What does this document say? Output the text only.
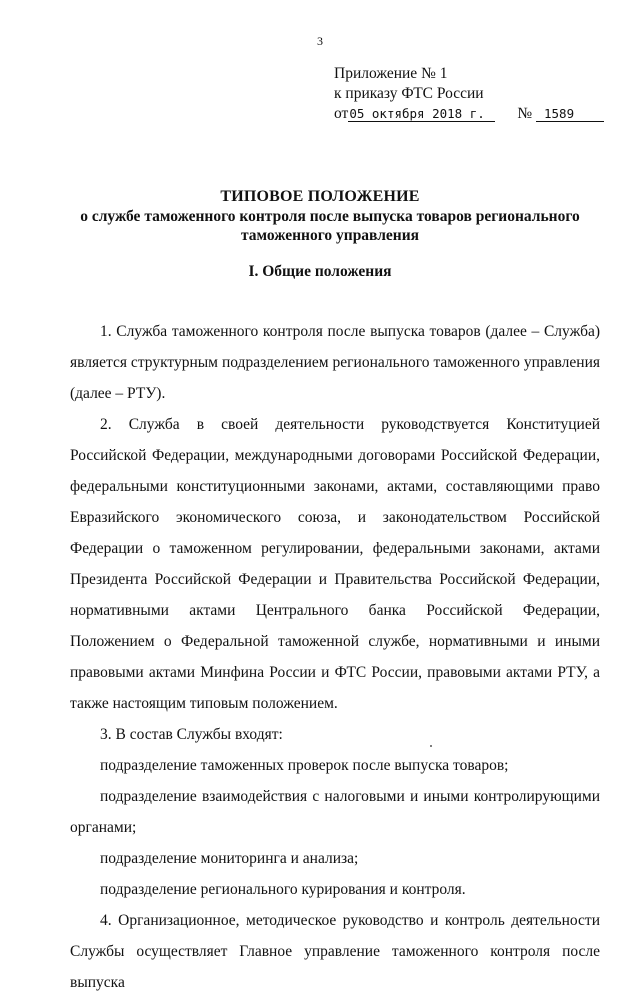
3
Приложение № 1
к приказу ФТС России
от05 октября 2018 г. № 1589
ТИПОВОЕ ПОЛОЖЕНИЕ
о службе таможенного контроля после выпуска товаров регионального таможенного управления
I. Общие положения

1. Служба таможенного контроля после выпуска товаров (далее – Служба) является структурным подразделением регионального таможенного управления (далее – РТУ).

2. Служба в своей деятельности руководствуется Конституцией Российской Федерации, международными договорами Российской Федерации, федеральными конституционными законами, актами, составляющими право Евразийского экономического союза, и законодательством Российской Федерации о таможенном регулировании, федеральными законами, актами Президента Российской Федерации и Правительства Российской Федерации, нормативными актами Центрального банка Российской Федерации, Положением о Федеральной таможенной службе, нормативными и иными правовыми актами Минфина России и ФТС России, правовыми актами РТУ, а также настоящим типовым положением.

3. В состав Службы входят:

подразделение таможенных проверок после выпуска товаров;

подразделение взаимодействия с налоговыми и иными контролирующими органами;

подразделение мониторинга и анализа;

подразделение регионального курирования и контроля.

4. Организационное, методическое руководство и контроль деятельности Службы осуществляет Главное управление таможенного контроля после выпуска
